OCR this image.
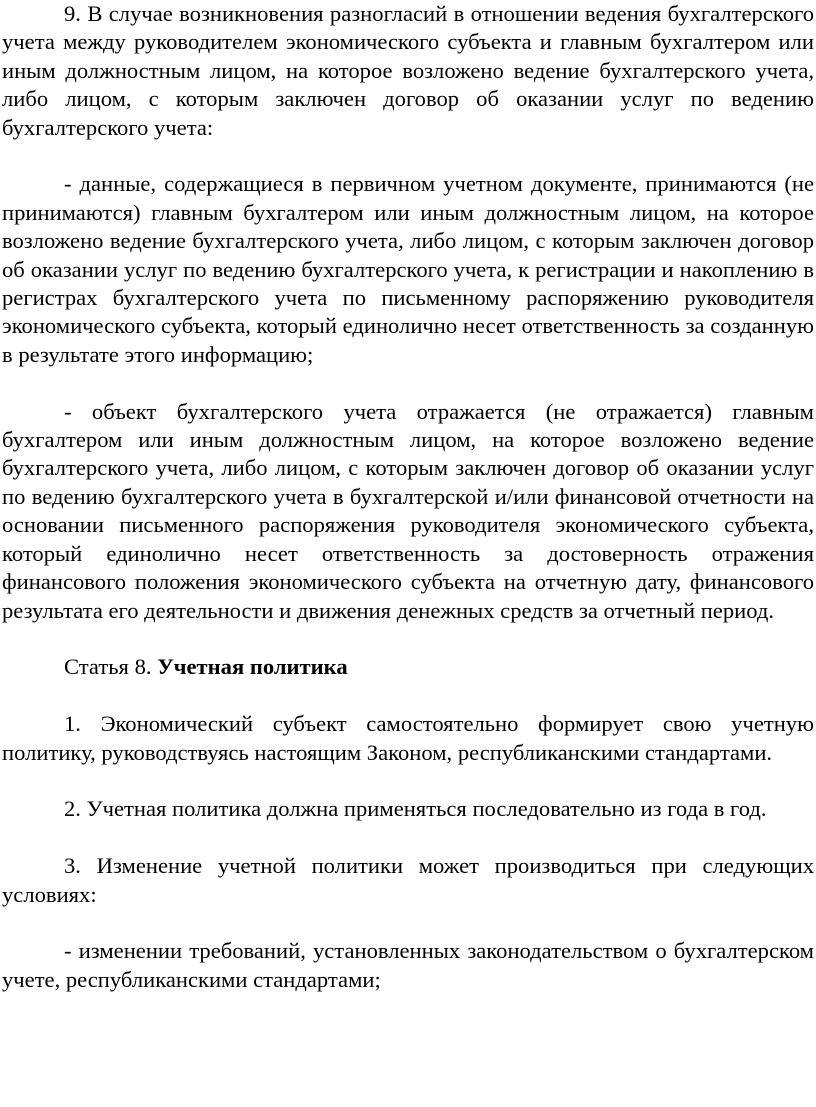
9. В случае возникновения разногласий в отношении ведения бухгалтерского учета между руководителем экономического субъекта и главным бухгалтером или иным должностным лицом, на которое возложено ведение бухгалтерского учета, либо лицом, с которым заключен договор об оказании услуг по ведению бухгалтерского учета:

- данные, содержащиеся в первичном учетном документе, принимаются (не принимаются) главным бухгалтером или иным должностным лицом, на которое возложено ведение бухгалтерского учета, либо лицом, с которым заключен договор об оказании услуг по ведению бухгалтерского учета, к регистрации и накоплению в регистрах бухгалтерского учета по письменному распоряжению руководителя экономического субъекта, который единолично несет ответственность за созданную в результате этого информацию;

- объект бухгалтерского учета отражается (не отражается) главным бухгалтером или иным должностным лицом, на которое возложено ведение бухгалтерского учета, либо лицом, с которым заключен договор об оказании услуг по ведению бухгалтерского учета в бухгалтерской и/или финансовой отчетности на основании письменного распоряжения руководителя экономического субъекта, который единолично несет ответственность за достоверность отражения финансового положения экономического субъекта на отчетную дату, финансового результата его деятельности и движения денежных средств за отчетный период.

Статья 8. Учетная политика

1. Экономический субъект самостоятельно формирует свою учетную политику, руководствуясь настоящим Законом, республиканскими стандартами.

2. Учетная политика должна применяться последовательно из года в год.

3. Изменение учетной политики может производиться при следующих условиях:

- изменении требований, установленных законодательством о бухгалтерском учете, республиканскими стандартами;
